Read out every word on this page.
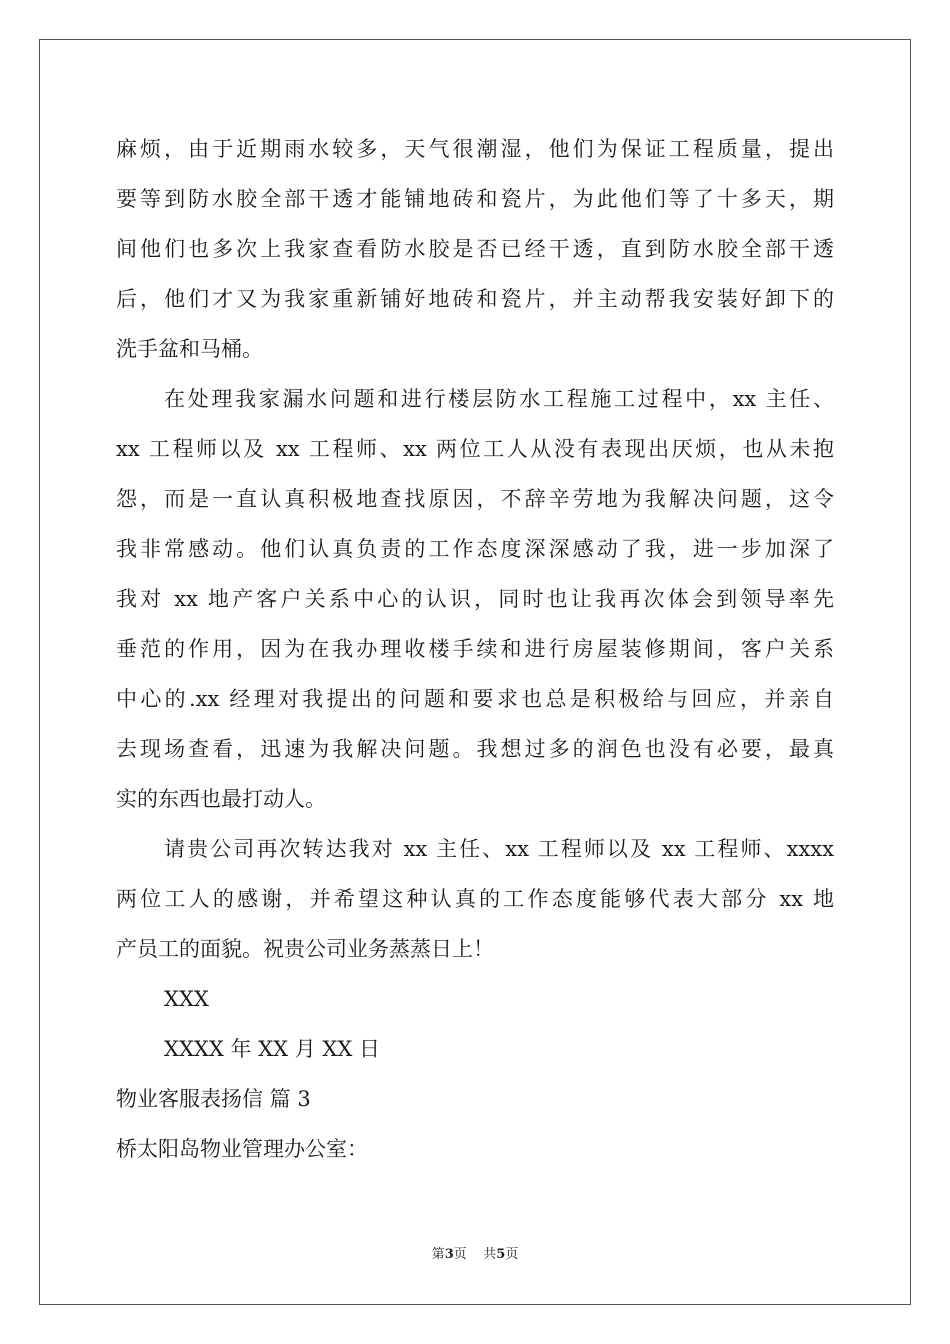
麻烦，由于近期雨水较多，天气很潮湿，他们为保证工程质量，提出
要等到防水胶全部干透才能铺地砖和瓷片，为此他们等了十多天，期
间他们也多次上我家查看防水胶是否已经干透，直到防水胶全部干透
后，他们才又为我家重新铺好地砖和瓷片，并主动帮我安装好卸下的
洗手盆和马桶。
在处理我家漏水问题和进行楼层防水工程施工过程中，xx 主任、
xx 工程师以及 xx 工程师、xx 两位工人从没有表现出厌烦，也从未抱
怨，而是一直认真积极地查找原因，不辞辛劳地为我解决问题，这令
我非常感动。他们认真负责的工作态度深深感动了我，进一步加深了
我对 xx 地产客户关系中心的认识，同时也让我再次体会到领导率先
垂范的作用，因为在我办理收楼手续和进行房屋装修期间，客户关系
中心的.xx 经理对我提出的问题和要求也总是积极给与回应，并亲自
去现场查看，迅速为我解决问题。我想过多的润色也没有必要，最真
实的东西也最打动人。
请贵公司再次转达我对 xx 主任、xx 工程师以及 xx 工程师、xxxx
两位工人的感谢，并希望这种认真的工作态度能够代表大部分 xx 地
产员工的面貌。祝贵公司业务蒸蒸日上！
XXX
XXXX 年 XX 月 XX 日
物业客服表扬信 篇 3
桥太阳岛物业管理办公室：
第3页    共5页
